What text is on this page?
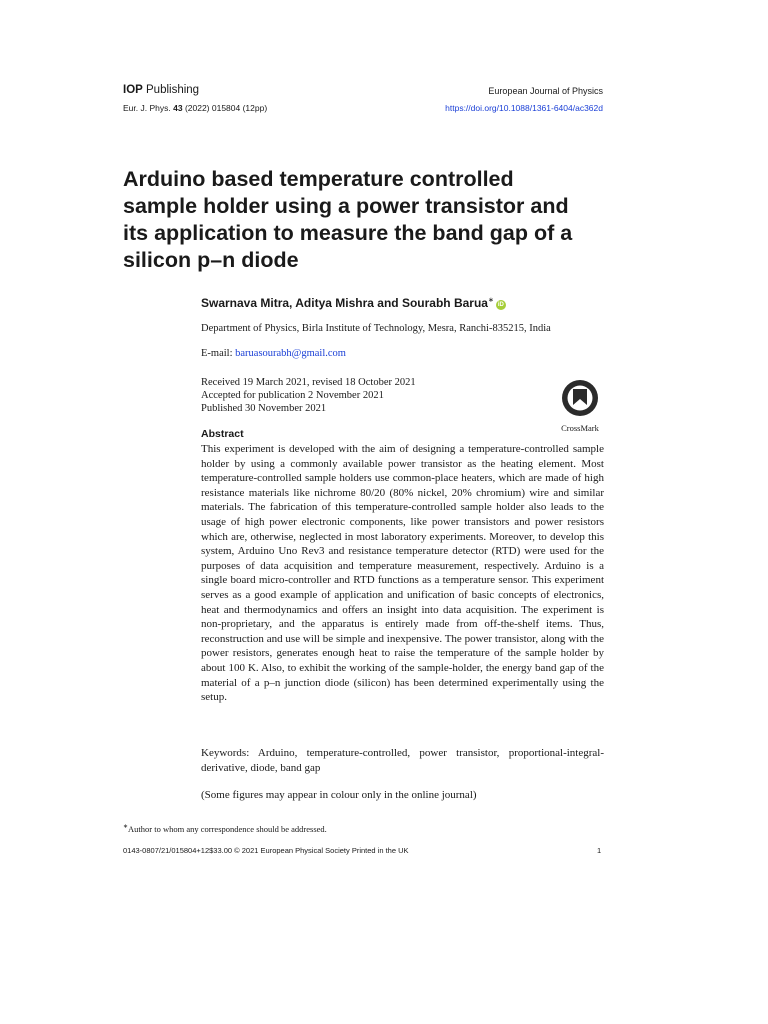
IOP Publishing	European Journal of Physics
Eur. J. Phys. 43 (2022) 015804 (12pp)	https://doi.org/10.1088/1361-6404/ac362d
Arduino based temperature controlled sample holder using a power transistor and its application to measure the band gap of a silicon p–n diode
Swarnava Mitra, Aditya Mishra and Sourabh Barua∗iD
Department of Physics, Birla Institute of Technology, Mesra, Ranchi-835215, India
E-mail: baruasourabh@gmail.com
Received 19 March 2021, revised 18 October 2021
Accepted for publication 2 November 2021
Published 30 November 2021
CrossMark
Abstract
This experiment is developed with the aim of designing a temperature-controlled sample holder by using a commonly available power transistor as the heating element. Most temperature-controlled sample holders use common-place heaters, which are made of high resistance materials like nichrome 80/20 (80% nickel, 20% chromium) wire and similar materials. The fabrication of this temperature-controlled sample holder also leads to the usage of high power electronic components, like power transistors and power resistors which are, otherwise, neglected in most laboratory experiments. Moreover, to develop this system, Arduino Uno Rev3 and resistance temperature detector (RTD) were used for the purposes of data acquisition and temperature measurement, respectively. Arduino is a single board micro-controller and RTD functions as a temperature sensor. This experiment serves as a good example of application and unification of basic concepts of electronics, heat and thermodynamics and offers an insight into data acquisition. The experiment is non-proprietary, and the apparatus is entirely made from off-the-shelf items. Thus, reconstruction and use will be simple and inexpensive. The power transistor, along with the power resistors, generates enough heat to raise the temperature of the sample holder by about 100 K. Also, to exhibit the working of the sample-holder, the energy band gap of the material of a p–n junction diode (silicon) has been determined experimentally using the setup.
Keywords: Arduino, temperature-controlled, power transistor, proportional-integral-derivative, diode, band gap
(Some figures may appear in colour only in the online journal)
∗Author to whom any correspondence should be addressed.
0143-0807/21/015804+12$33.00 © 2021 European Physical Society Printed in the UK	1
